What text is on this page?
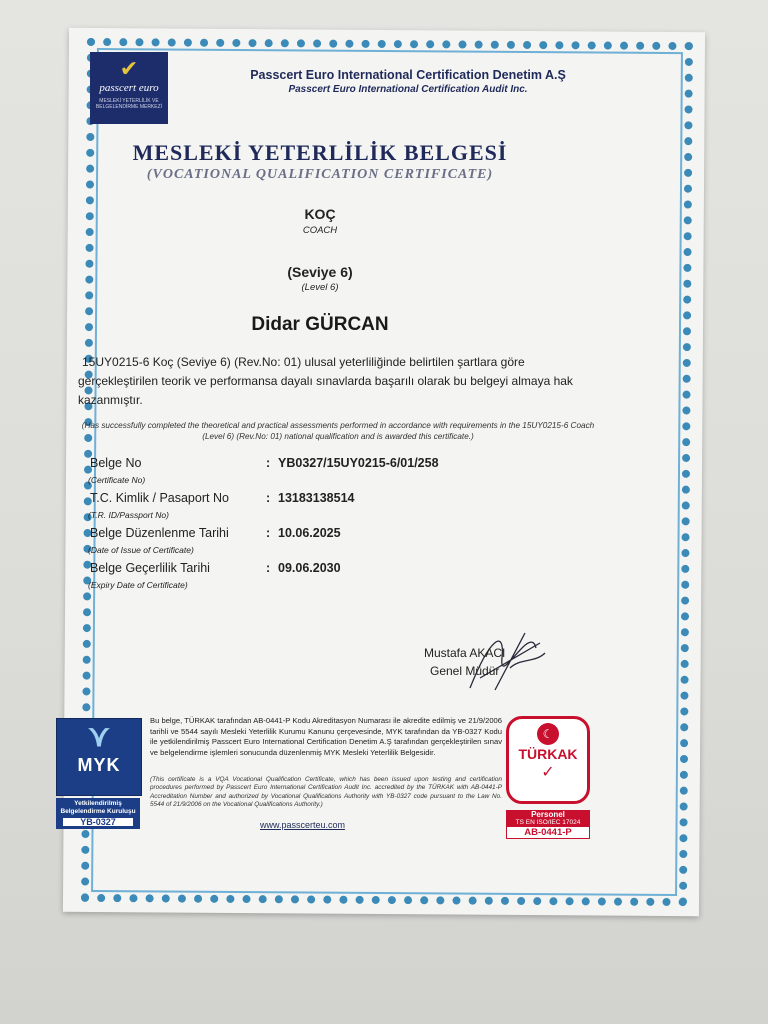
✔
passcert euro
MESLEKİ YETERLİLİK VE BELGELENDİRME MERKEZİ
Passcert Euro International Certification Denetim A.Ş
Passcert Euro International Certification Audit Inc.
MESLEKİ YETERLİLİK BELGESİ
(VOCATIONAL QUALIFICATION CERTIFICATE)
KOÇ
COACH
(Seviye 6)
(Level 6)
Didar GÜRCAN
15UY0215-6 Koç (Seviye 6) (Rev.No: 01) ulusal yeterliliğinde belirtilen şartlara göre gerçekleştirilen teorik ve performansa dayalı sınavlarda başarılı olarak bu belgeyi almaya hak kazanmıştır.
(Has successfully completed the theoretical and practical assessments performed in accordance with requirements in the 15UY0215-6 Coach (Level 6) (Rev.No: 01) national qualification and is awarded this certificate.)
Belge No
(Certificate No)
: YB0327/15UY0215-6/01/258
T.C. Kimlik / Pasaport No
(T.R. ID/Passport No)
: 13183138514
Belge Düzenlenme Tarihi
(Date of Issue of Certificate)
: 10.06.2025
Belge Geçerlilik Tarihi
(Expiry Date of Certificate)
: 09.06.2030
Mustafa AKACI
Genel Müdür
⋎
MYK
Yetkilendirilmiş Belgelendirme Kuruluşu
YB-0327
Bu belge, TÜRKAK tarafından AB-0441-P Kodu Akreditasyon Numarası ile akredite edilmiş ve 21/9/2006 tarihli ve 5544 sayılı Mesleki Yeterlilik Kurumu Kanunu çerçevesinde, MYK tarafından da YB-0327 Kodu ile yetkilendirilmiş Passcert Euro International Certification Denetim A.Ş tarafından gerçekleştirilen sınav ve belgelendirme işlemleri sonucunda düzenlenmiş MYK Mesleki Yeterlilik Belgesidir.
(This certificate is a VQA Vocational Qualification Certificate, which has been issued upon testing and certification procedures performed by Passcert Euro International Certification Audit Inc. accredited by the TÜRKAK with AB-0441-P Accreditation Number and authorized by Vocational Qualifications Authority with YB-0327 code pursuant to the Law No. 5544 of 21/9/2006 on the Vocational Qualifications Authority.)
www.passcerteu.com
☾
TÜRKAK
✓
Personel
TS EN ISO/IEC 17024
AB-0441-P
